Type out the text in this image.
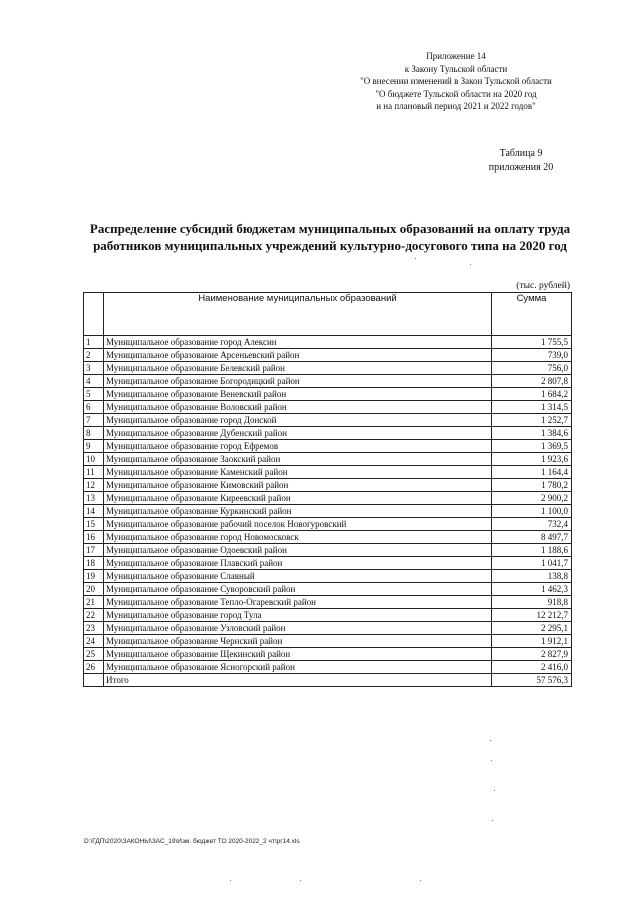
Приложение 14
к Закону Тульской области
"О внесении изменений в Закон Тульской области
"О бюджете Тульской области на 2020 год
и на плановый период 2021 и 2022 годов"
Таблица 9
приложения 20
Распределение субсидий бюджетам муниципальных образований на оплату труда
работников муниципальных учреждений культурно-досугового типа на 2020 год
(тыс. рублей)
	Наименование муниципальных образований	Сумма
1	Муниципальное образование город Алексин	1 755,5
2	Муниципальное образование Арсеньевский район	739,0
3	Муниципальное образование Белевский район	756,0
4	Муниципальное образование Богородицкий район	2 807,8
5	Муниципальное образование Веневский район	1 684,2
6	Муниципальное образование Воловский район	1 314,5
7	Муниципальное образование город Донской	1 252,7
8	Муниципальное образование Дубенский район	1 384,6
9	Муниципальное образование город Ефремов	1 369,5
10	Муниципальное образование Заокский район	1 923,6
11	Муниципальное образование Каменский район	1 164,4
12	Муниципальное образование Кимовский район	1 780,2
13	Муниципальное образование Киреевский район	2 900,2
14	Муниципальное образование Куркинский район	1 100,0
15	Муниципальное образование рабочий поселок Новогуровский	732,4
16	Муниципальное образование город Новомосковск	8 497,7
17	Муниципальное образование Одоевский район	1 188,6
18	Муниципальное образование Плавский район	1 041,7
19	Муниципальное образование Славный	138,8
20	Муниципальное образование Суворовский район	1 462,3
21	Муниципальное образование Тепло-Огаревский район	918,8
22	Муниципальное образование город Тула	12 212,7
23	Муниципальное образование Узловский район	2 295,1
24	Муниципальное образование Чернский район	1 912,1
25	Муниципальное образование Щекинский район	2 827,9
26	Муниципальное образование Ясногорский район	2 416,0
	Итого	57 576,3
D:\ГДП\2020\ЗАКОНЫ\ЗАС_19\Изм. бюджет ТО 2020-2022_2 чт\рг14.xls
